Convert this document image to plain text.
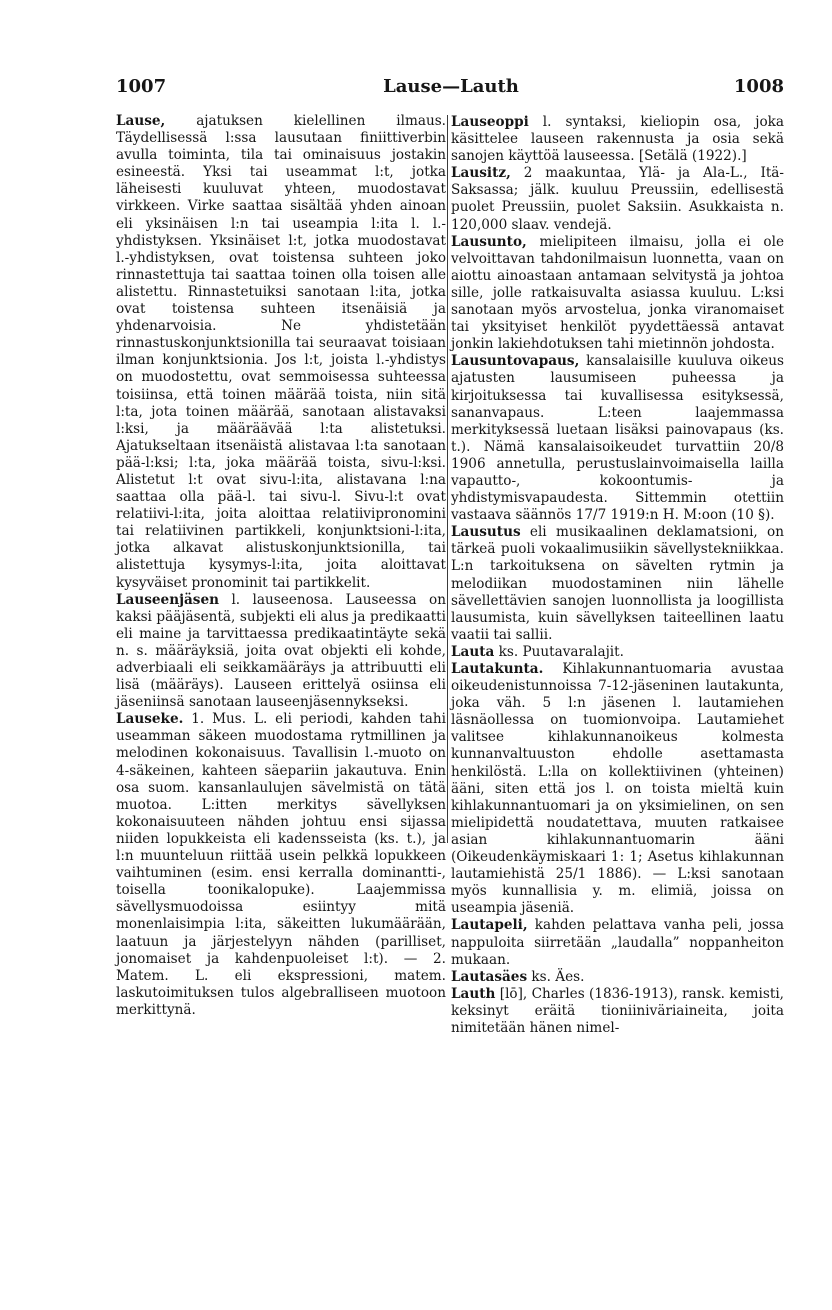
1007	Lause—Lauth	1008
Lause, ajatuksen kielellinen ilmaus. Täydellisessä l:ssa lausutaan finiittiverbin avulla toiminta, tila tai ominaisuus jostakin esineestä. Yksi tai useammat l:t, jotka läheisesti kuuluvat yhteen, muodostavat virkkeen. Virke saattaa sisältää yhden ainoan eli yksinäisen l:n tai useampia l:ita l. l.-yhdistyksen. Yksinäiset l:t, jotka muodostavat l.-yhdistyksen, ovat toistensa suhteen joko rinnastettuja tai saattaa toinen olla toisen alle alistettu. Rinnastetuiksi sanotaan l:ita, jotka ovat toistensa suhteen itsenäisiä ja yhdenarvoisia. Ne yhdistetään rinnastuskonjunktsionilla tai seuraavat toisiaan ilman konjunktsionia. Jos l:t, joista l.-yhdistys on muodostettu, ovat semmoisessa suhteessa toisiinsa, että toinen määrää toista, niin sitä l:ta, jota toinen määrää, sanotaan alistavaksi l:ksi, ja määräävää l:ta alistetuksi. Ajatukseltaan itsenäistä alistavaa l:ta sanotaan pää-l:ksi; l:ta, joka määrää toista, sivu-l:ksi. Alistetut l:t ovat sivu-l:ita, alistavana l:na saattaa olla pää-l. tai sivu-l. Sivu-l:t ovat relatiivi-l:ita, joita aloittaa relatiivipronomini tai relatiivinen partikkeli, konjunktsioni-l:ita, jotka alkavat alistuskonjunktsionilla, tai alistettuja kysymys-l:ita, joita aloittavat kysyväiset pronominit tai partikkelit.
Lauseenjäsen l. lauseenosa. Lauseessa on kaksi pääjäsentä, subjekti eli alus ja predikaatti eli maine ja tarvittaessa predikaatintäyte sekä n. s. määräyksiä, joita ovat objekti eli kohde, adverbiaali eli seikkamääräys ja attribuutti eli lisä (määräys). Lauseen erittelyä osiinsa eli jäseniinsä sanotaan lauseenjäsennykseksi.
Lauseke. 1. Mus. L. eli periodi, kahden tahi useamman säkeen muodostama rytmillinen ja melodinen kokonaisuus. Tavallisin l.-muoto on 4-säkeinen, kahteen säepariin jakautuva. Enin osa suom. kansanlaulujen sävelmistä on tätä muotoa. L:itten merkitys sävellyksen kokonaisuuteen nähden johtuu ensi sijassa niiden lopukkeista eli kadensseista (ks. t.), ja l:n muunteluun riittää usein pelkkä lopukkeen vaihtuminen (esim. ensi kerralla dominantti-, toisella toonikalopuke). Laajemmissa sävellysmuodoissa esiintyy mitä monenlaisimpia l:ita, säkeitten lukumäärään, laatuun ja järjestelyyn nähden (parilliset, jonomaiset ja kahdenpuoleiset l:t). — 2. Matem. L. eli ekspressioni, matem. laskutoimituksen tulos algebralliseen muotoon merkittynä.
Lauseoppi l. syntaksi, kieliopin osa, joka käsittelee lauseen rakennusta ja osia sekä sanojen käyttöä lauseessa. [Setälä (1922).]
Lausitz, 2 maakuntaa, Ylä- ja Ala-L., Itä-Saksassa; jälk. kuuluu Preussiin, edellisestä puolet Preussiin, puolet Saksiin. Asukkaista n. 120,000 slaav. vendejä.
Lausunto, mielipiteen ilmaisu, jolla ei ole velvoittavan tahdonilmaisun luonnetta, vaan on aiottu ainoastaan antamaan selvitystä ja johtoa sille, jolle ratkaisuvalta asiassa kuuluu. L:ksi sanotaan myös arvostelua, jonka viranomaiset tai yksityiset henkilöt pyydettäessä antavat jonkin lakiehdotuksen tahi mietinnön johdosta.
Lausuntovapaus, kansalaisille kuuluva oikeus ajatusten lausumiseen puheessa ja kirjoituksessa tai kuvallisessa esityksessä, sananvapaus. L:teen laajemmassa merkityksessä luetaan lisäksi painovapaus (ks. t.). Nämä kansalaisoikeudet turvattiin 20/8 1906 annetulla, perustuslainvoimaisella lailla vapautto-, kokoontumis- ja yhdistymisvapaudesta. Sittemmin otettiin vastaava säännös 17/7 1919:n H. M:oon (10 §).
Lausutus eli musikaalinen deklamatsioni, on tärkeä puoli vokaalimusiikin sävellystekniikkaa. L:n tarkoituksena on sävelten rytmin ja melodiikan muodostaminen niin lähelle sävellettävien sanojen luonnollista ja loogillista lausumista, kuin sävellyksen taiteellinen laatu vaatii tai sallii.
Lauta ks. Puutavaralajit.
Lautakunta. Kihlakunnantuomaria avustaa oikeudenistunnoissa 7-12-jäseninen lautakunta, joka väh. 5 l:n jäsenen l. lautamiehen läsnäollessa on tuomionvoipa. Lautamiehet valitsee kihlakunnanoikeus kolmesta kunnanvaltuuston ehdolle asettamasta henkilöstä. L:lla on kollektiivinen (yhteinen) ääni, siten että jos l. on toista mieltä kuin kihlakunnantuomari ja on yksimielinen, on sen mielipidettä noudatettava, muuten ratkaisee asian kihlakunnantuomarin ääni (Oikeudenkäymiskaari 1: 1; Asetus kihlakunnan lautamiehistä 25/1 1886). — L:ksi sanotaan myös kunnallisia y. m. elimiä, joissa on useampia jäseniä.
Lautapeli, kahden pelattava vanha peli, jossa nappuloita siirretään „laudalla” noppanheiton mukaan.
Lautasäes ks. Äes.
Lauth [lō], Charles (1836-1913), ransk. kemisti, keksinyt eräitä tioniiniväriaineita, joita nimitetään hänen nimel-
